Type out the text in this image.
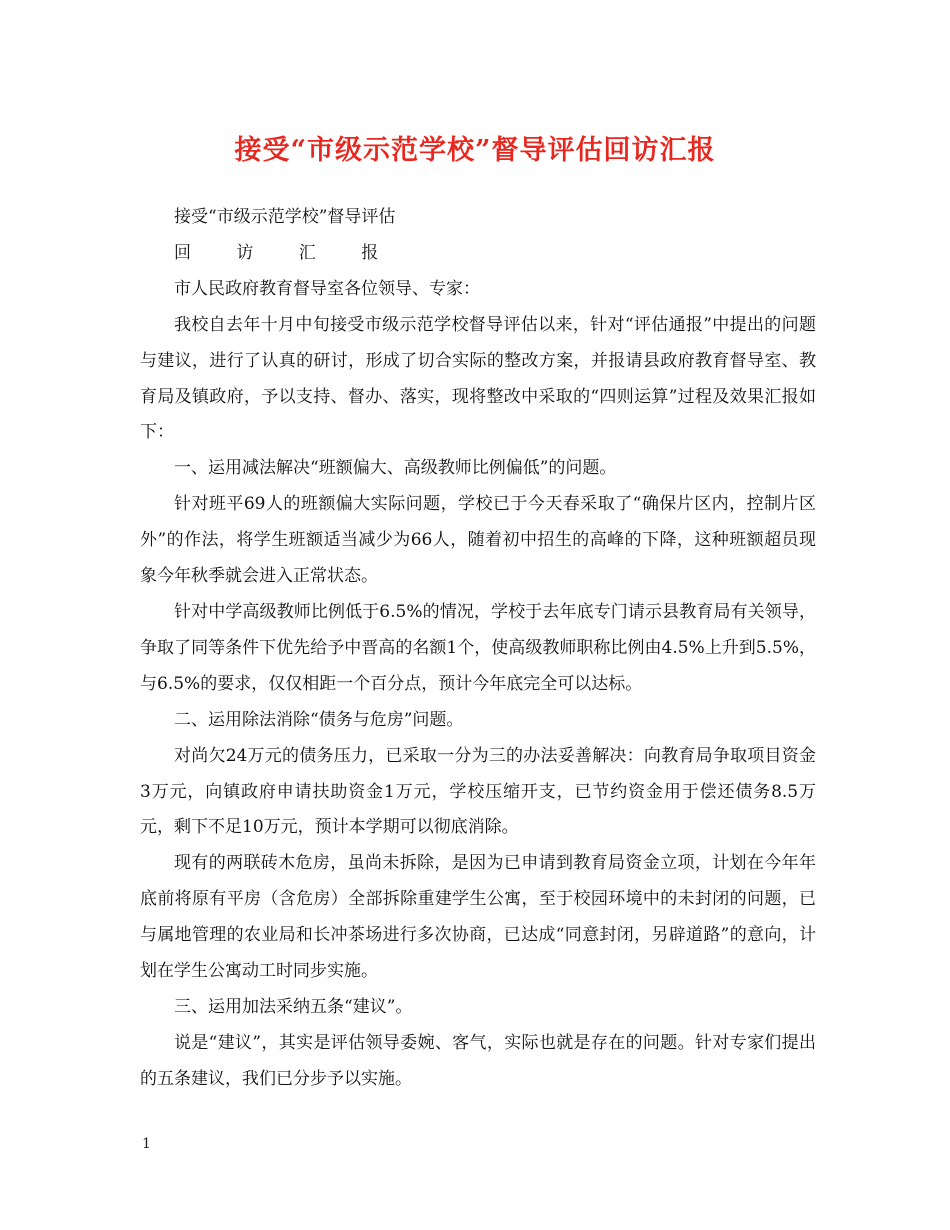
接受“市级示范学校”督导评估回访汇报

接受“市级示范学校”督导评估

回 访 汇 报

市人民政府教育督导室各位领导、专家：

我校自去年十月中旬接受市级示范学校督导评估以来，针对“评估通报”中提出的问题与建议，进行了认真的研讨，形成了切合实际的整改方案，并报请县政府教育督导室、教育局及镇政府，予以支持、督办、落实，现将整改中采取的“四则运算”过程及效果汇报如下：

一、运用减法解决“班额偏大、高级教师比例偏低”的问题。

针对班平69人的班额偏大实际问题，学校已于今天春采取了“确保片区内，控制片区外”的作法，将学生班额适当减少为66人，随着初中招生的高峰的下降，这种班额超员现象今年秋季就会进入正常状态。

针对中学高级教师比例低于6.5%的情况，学校于去年底专门请示县教育局有关领导，争取了同等条件下优先给予中晋高的名额1个，使高级教师职称比例由4.5%上升到5.5%，与6.5%的要求，仅仅相距一个百分点，预计今年底完全可以达标。

二、运用除法消除“债务与危房”问题。

对尚欠24万元的债务压力，已采取一分为三的办法妥善解决：向教育局争取项目资金3万元，向镇政府申请扶助资金1万元，学校压缩开支，已节约资金用于偿还债务8.5万元，剩下不足10万元，预计本学期可以彻底消除。

现有的两联砖木危房，虽尚未拆除，是因为已申请到教育局资金立项，计划在今年年底前将原有平房（含危房）全部拆除重建学生公寓，至于校园环境中的未封闭的问题，已与属地管理的农业局和长冲茶场进行多次协商，已达成“同意封闭，另辟道路”的意向，计划在学生公寓动工时同步实施。

三、运用加法采纳五条“建议”。

说是“建议”，其实是评估领导委婉、客气，实际也就是存在的问题。针对专家们提出的五条建议，我们已分步予以实施。

1
